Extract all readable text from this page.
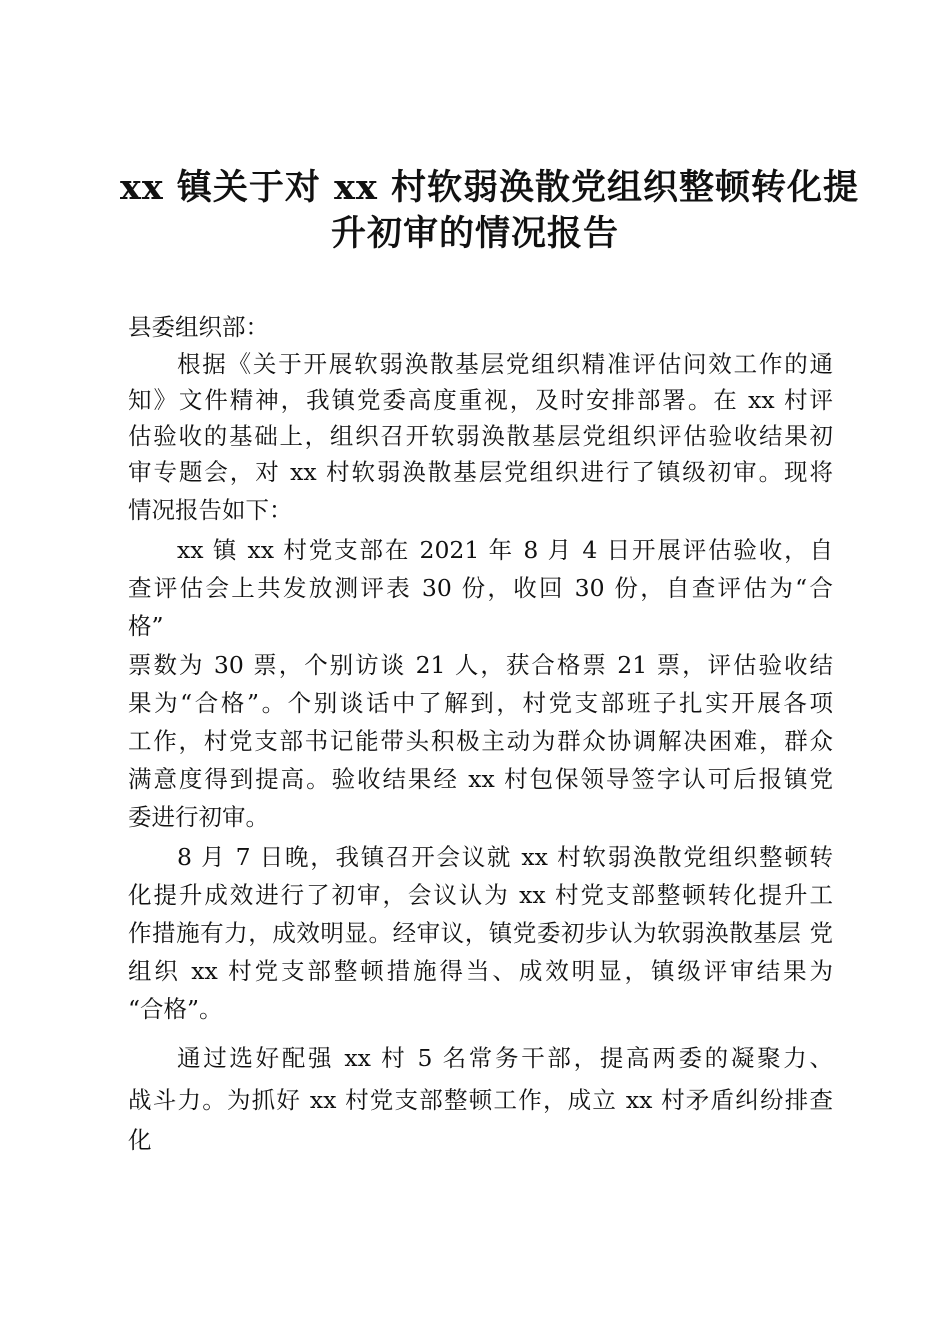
xx 镇关于对 xx 村软弱涣散党组织整顿转化提
升初审的情况报告
县委组织部：
根据《关于开展软弱涣散基层党组织精准评估问效工作的通
知》文件精神，我镇党委高度重视，及时安排部署。在 xx 村评
估验收的基础上，组织召开软弱涣散基层党组织评估验收结果初
审专题会，对 xx 村软弱涣散基层党组织进行了镇级初审。现将
情况报告如下：
xx 镇 xx 村党支部在 2021 年 8 月 4 日开展评估验收，自
查评估会上共发放测评表 30 份，收回 30 份，自查评估为“合
格”
票数为 30 票，个别访谈 21 人，获合格票 21 票，评估验收结
果为“合格”。个别谈话中了解到，村党支部班子扎实开展各项
工作，村党支部书记能带头积极主动为群众协调解决困难，群众
满意度得到提高。验收结果经 xx 村包保领导签字认可后报镇党
委进行初审。
8 月 7 日晚，我镇召开会议就 xx 村软弱涣散党组织整顿转
化提升成效进行了初审，会议认为 xx 村党支部整顿转化提升工
作措施有力，成效明显。经审议，镇党委初步认为软弱涣散基层 党
组织 xx 村党支部整顿措施得当、成效明显，镇级评审结果为
“合格”。
通过选好配强 xx 村 5 名常务干部，提高两委的凝聚力、
战斗力。为抓好 xx 村党支部整顿工作，成立 xx 村矛盾纠纷排查
化
